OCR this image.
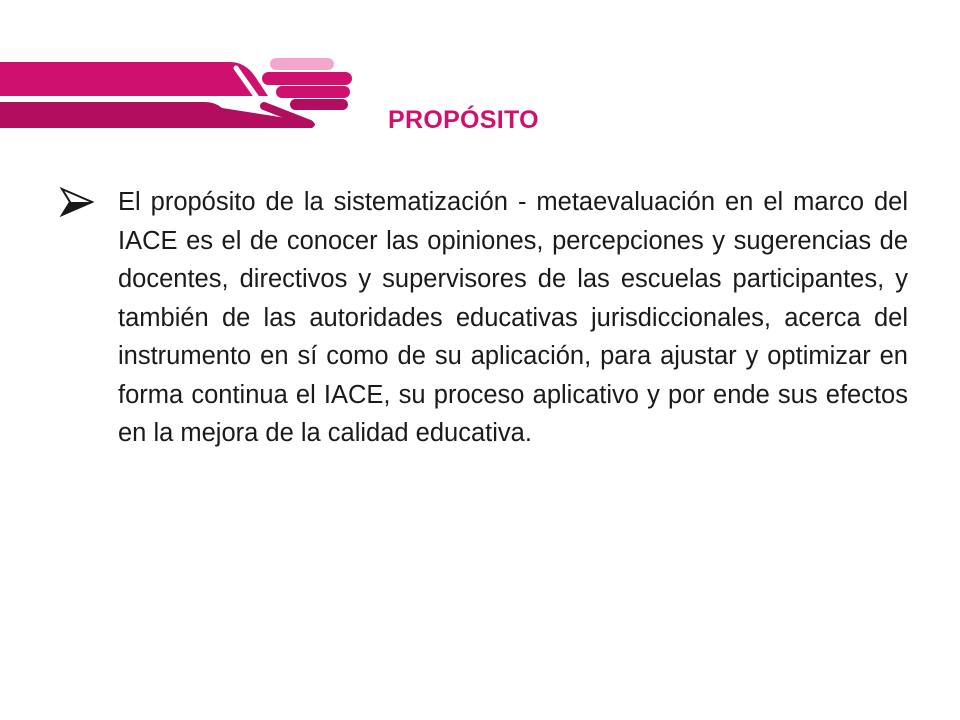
PROPÓSITO

El propósito de la sistematización - metaevaluación en el marco del IACE es el de conocer las opiniones, percepciones y sugerencias de docentes, directivos y supervisores de las escuelas participantes, y también de las autoridades educativas jurisdiccionales, acerca del instrumento en sí como de su aplicación, para ajustar y optimizar en forma continua el IACE, su proceso aplicativo y por ende sus efectos en la mejora de la calidad educativa.
